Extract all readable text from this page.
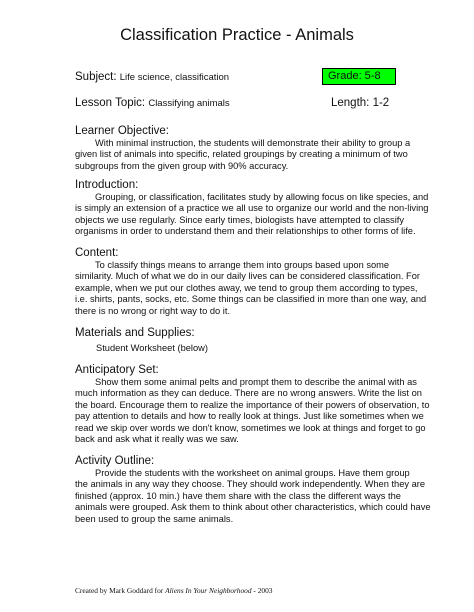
Classification Practice - Animals
Subject: Life science, classification	Grade: 5-8
Lesson Topic: Classifying animals	Length: 1-2
Learner Objective:
With minimal instruction, the students will demonstrate their ability to group a
given list of animals into specific, related groupings by creating a minimum of two
subgroups from the given group with 90% accuracy.
Introduction:
Grouping, or classification, facilitates study by allowing focus on like species, and
is simply an extension of a practice we all use to organize our world and the non-living
objects we use regularly. Since early times, biologists have attempted to classify
organisms in order to understand them and their relationships to other forms of life.
Content:
To classify things means to arrange them into groups based upon some
similarity. Much of what we do in our daily lives can be considered classification. For
example, when we put our clothes away, we tend to group them according to types,
i.e. shirts, pants, socks, etc. Some things can be classified in more than one way, and
there is no wrong or right way to do it.
Materials and Supplies:
Student Worksheet (below)
Anticipatory Set:
Show them some animal pelts and prompt them to describe the animal with as
much information as they can deduce. There are no wrong answers. Write the list on
the board. Encourage them to realize the importance of their powers of observation, to
pay attention to details and how to really look at things. Just like sometimes when we
read we skip over words we don't know, sometimes we look at things and forget to go
back and ask what it really was we saw.
Activity Outline:
Provide the students with the worksheet on animal groups. Have them group
the animals in any way they choose. They should work independently. When they are
finished (approx. 10 min.) have them share with the class the different ways the
animals were grouped. Ask them to think about other characteristics, which could have
been used to group the same animals.
Created by Mark Goddard for Aliens In Your Neighborhood - 2003
